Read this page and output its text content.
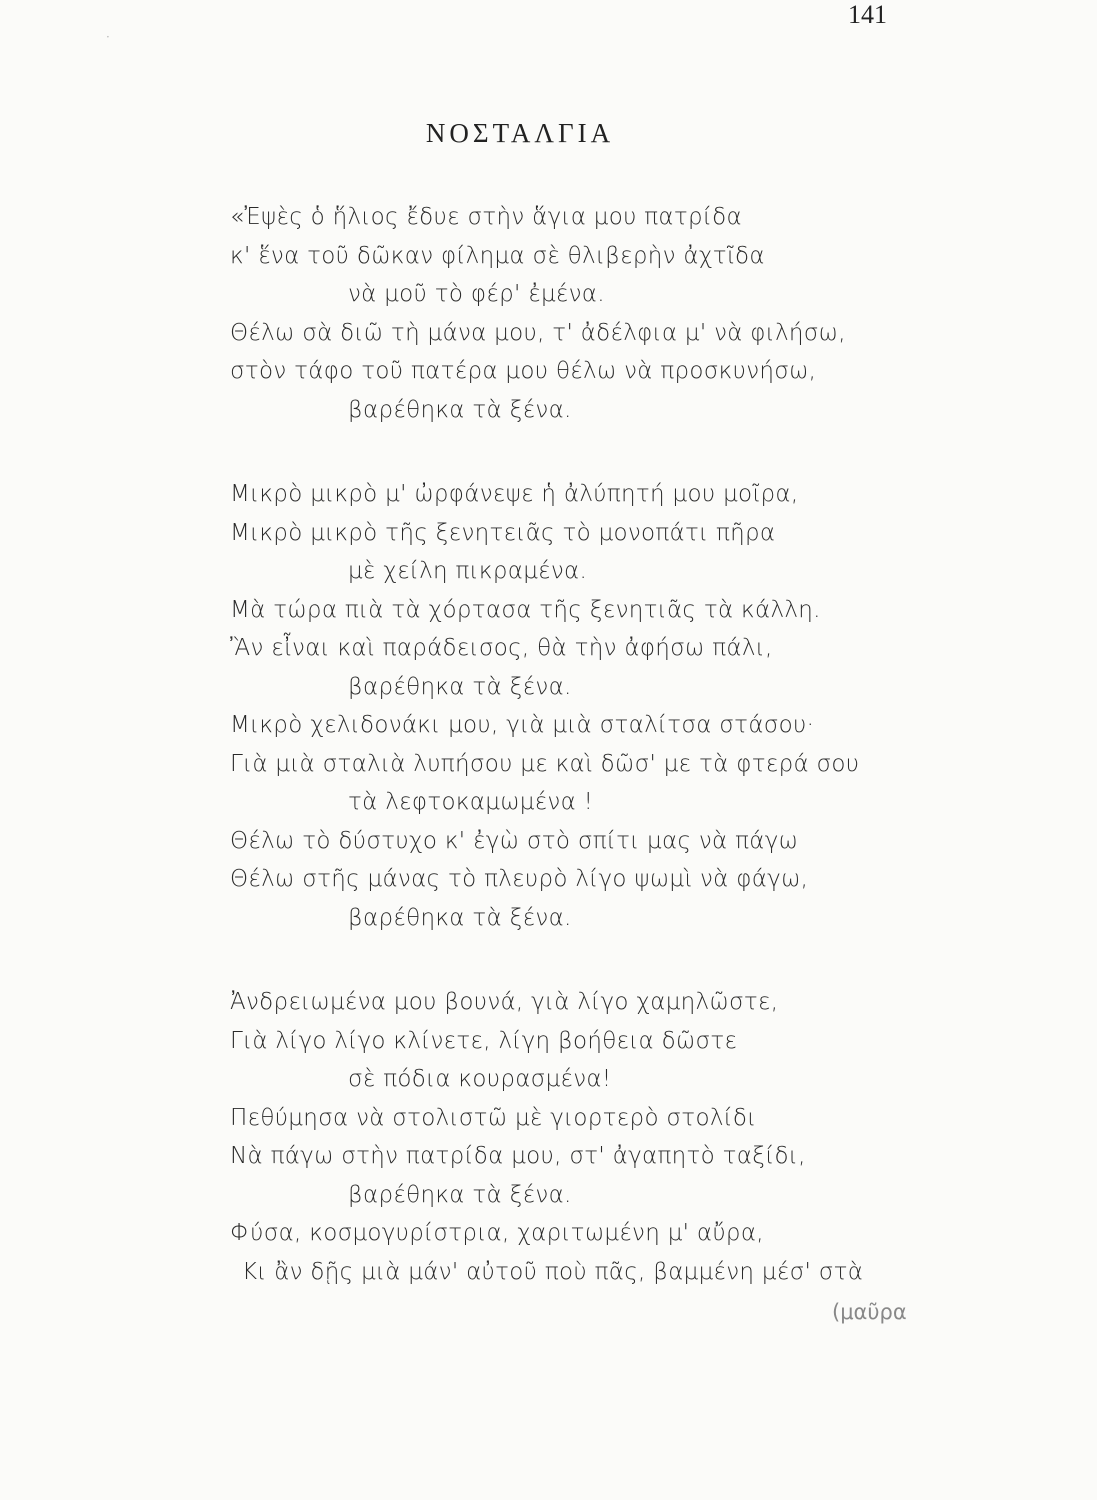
141
·
ΝΟΣΤΑΛΓΙΑ
«Ἐψὲς ὁ ἥλιος ἔδυε στὴν ἅγια μου πατρίδα
κ' ἕνα τοῦ δῶκαν φίλημα σὲ θλιβερὴν ἀχτῖδα
νὰ μοῦ τὸ φέρ' ἐμένα.
Θέλω σὰ διῶ τὴ μάνα μου, τ' ἀδέλφια μ' νὰ φιλήσω,
στὸν τάφο τοῦ πατέρα μου θέλω νὰ προσκυνήσω,
βαρέθηκα τὰ ξένα.
Μικρὸ μικρὸ μ' ὠρφάνεψε ἡ ἀλύπητή μου μοῖρα,
Μικρὸ μικρὸ τῆς ξενητειᾶς τὸ μονοπάτι πῆρα
μὲ χείλη πικραμένα.
Μὰ τώρα πιὰ τὰ χόρτασα τῆς ξενητιᾶς τὰ κάλλη.
Ἂν εἶναι καὶ παράδεισος, θὰ τὴν ἀφήσω πάλι,
βαρέθηκα τὰ ξένα.
Μικρὸ χελιδονάκι μου, γιὰ μιὰ σταλίτσα στάσου·
Γιὰ μιὰ σταλιὰ λυπήσου με καὶ δῶσ' με τὰ φτερά σου
τὰ λεφτοκαμωμένα !
Θέλω τὸ δύστυχο κ' ἐγὼ στὸ σπίτι μας νὰ πάγω
Θέλω στῆς μάνας τὸ πλευρὸ λίγο ψωμὶ νὰ φάγω,
βαρέθηκα τὰ ξένα.
Ἀνδρειωμένα μου βουνά, γιὰ λίγο χαμηλῶστε,
Γιὰ λίγο λίγο κλίνετε, λίγη βοήθεια δῶστε
σὲ πόδια κουρασμένα!
Πεθύμησα νὰ στολιστῶ μὲ γιορτερὸ στολίδι
Νὰ πάγω στὴν πατρίδα μου, στ' ἀγαπητὸ ταξίδι,
βαρέθηκα τὰ ξένα.
Φύσα, κοσμογυρίστρια, χαριτωμένη μ' αὔρα,
Κι ἂν δῇς μιὰ μάν' αὐτοῦ ποὺ πᾶς, βαμμένη μέσ' στὰ
(μαῦρα
